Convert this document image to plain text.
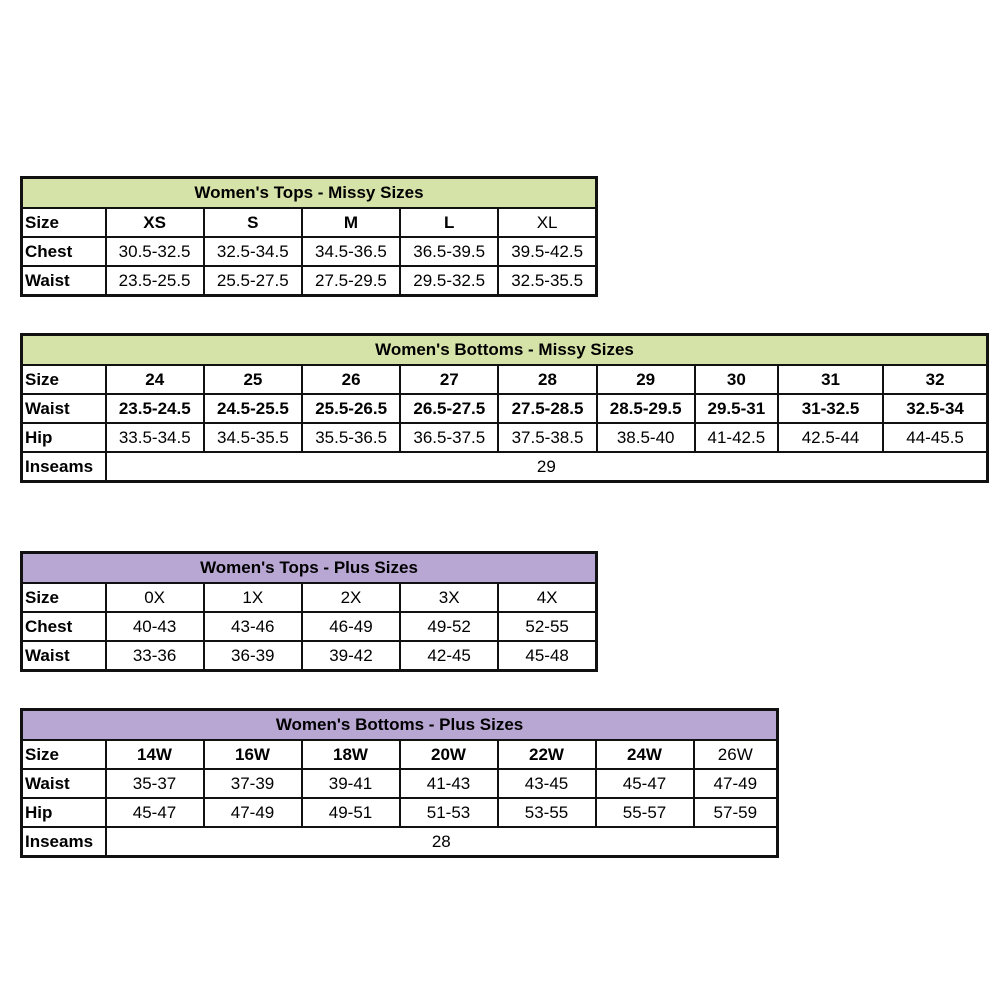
Women's Tops - Missy Sizes					
Size	XS	S	M	L	XL
Chest	30.5-32.5	32.5-34.5	34.5-36.5	36.5-39.5	39.5-42.5
Waist	23.5-25.5	25.5-27.5	27.5-29.5	29.5-32.5	32.5-35.5
Women's Bottoms - Missy Sizes									
Size	24	25	26	27	28	29	30	31	32
Waist	23.5-24.5	24.5-25.5	25.5-26.5	26.5-27.5	27.5-28.5	28.5-29.5	29.5-31	31-32.5	32.5-34
Hip	33.5-34.5	34.5-35.5	35.5-36.5	36.5-37.5	37.5-38.5	38.5-40	41-42.5	42.5-44	44-45.5
Inseams	29								
Women's Tops - Plus Sizes					
Size	0X	1X	2X	3X	4X
Chest	40-43	43-46	46-49	49-52	52-55
Waist	33-36	36-39	39-42	42-45	45-48
Women's Bottoms - Plus Sizes							
Size	14W	16W	18W	20W	22W	24W	26W
Waist	35-37	37-39	39-41	41-43	43-45	45-47	47-49
Hip	45-47	47-49	49-51	51-53	53-55	55-57	57-59
Inseams	28						
